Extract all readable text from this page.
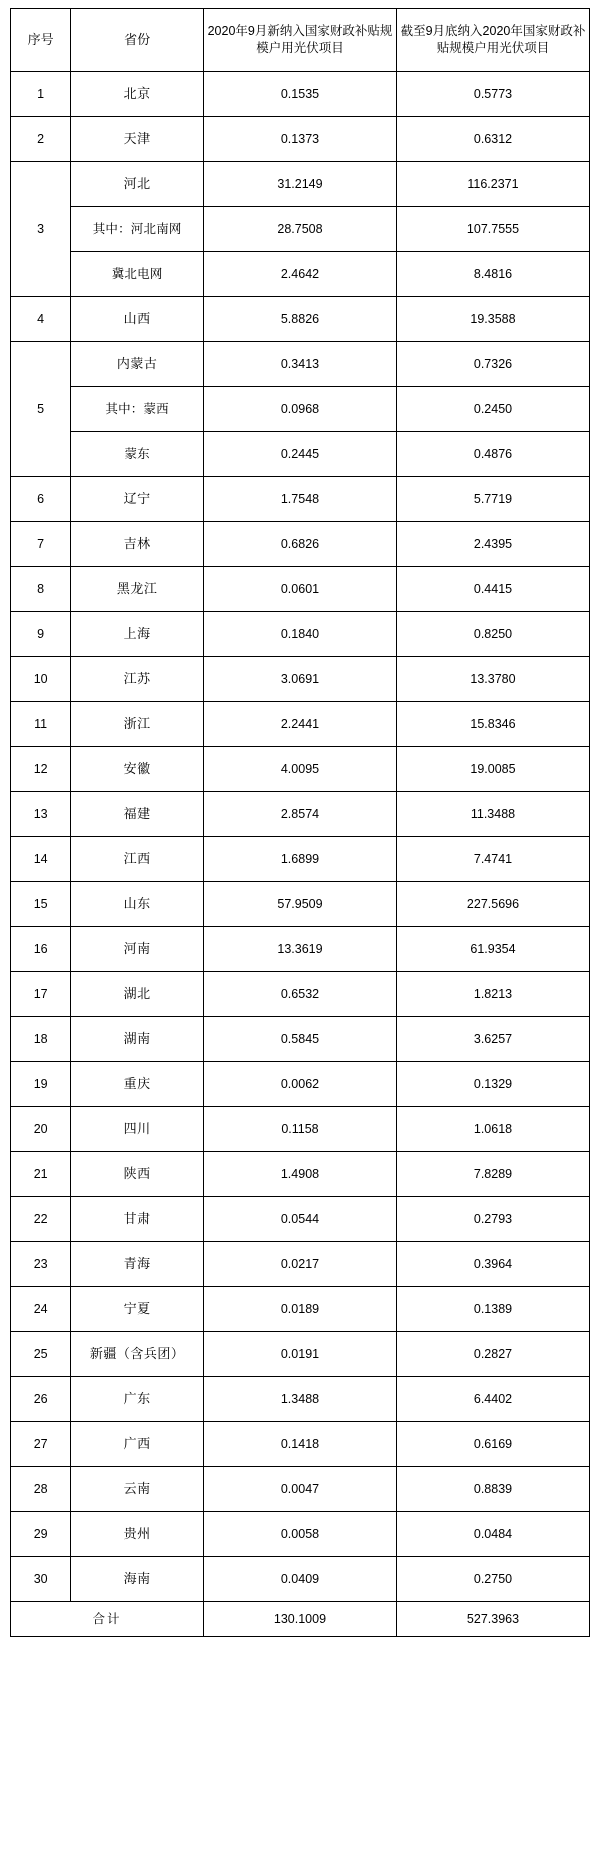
序号	省份	2020年9月新纳入国家财政补贴规模户用光伏项目	截至9月底纳入2020年国家财政补贴规模户用光伏项目
1	北京	0.1535	0.5773
2	天津	0.1373	0.6312
3	河北	31.2149	116.2371
	其中：河北南网	28.7508	107.7555
	冀北电网	2.4642	8.4816
4	山西	5.8826	19.3588
5	内蒙古	0.3413	0.7326
	其中：蒙西	0.0968	0.2450
	蒙东	0.2445	0.4876
6	辽宁	1.7548	5.7719
7	吉林	0.6826	2.4395
8	黑龙江	0.0601	0.4415
9	上海	0.1840	0.8250
10	江苏	3.0691	13.3780
11	浙江	2.2441	15.8346
12	安徽	4.0095	19.0085
13	福建	2.8574	11.3488
14	江西	1.6899	7.4741
15	山东	57.9509	227.5696
16	河南	13.3619	61.9354
17	湖北	0.6532	1.8213
18	湖南	0.5845	3.6257
19	重庆	0.0062	0.1329
20	四川	0.1158	1.0618
21	陕西	1.4908	7.8289
22	甘肃	0.0544	0.2793
23	青海	0.0217	0.3964
24	宁夏	0.0189	0.1389
25	新疆（含兵团）	0.0191	0.2827
26	广东	1.3488	6.4402
27	广西	0.1418	0.6169
28	云南	0.0047	0.8839
29	贵州	0.0058	0.0484
30	海南	0.0409	0.2750
合计		130.1009	527.3963
